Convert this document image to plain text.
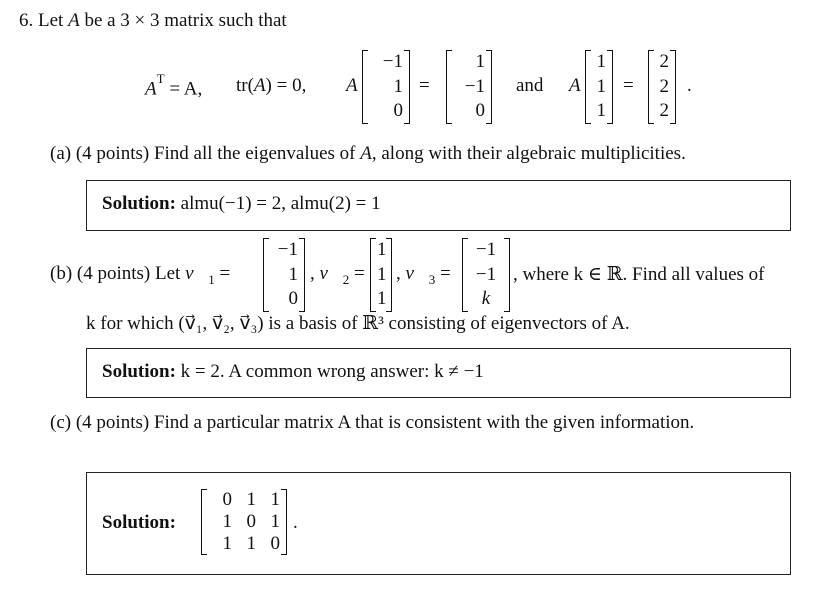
6. Let A be a 3 × 3 matrix such that
$A^T = A$, tr(A) = 0, A
−1
1
0
=
1
−1
0
and A
1
1
1
=
2
2
2
.
(a) (4 points) Find all the eigenvalues of A, along with their algebraic multiplicities.
Solution: almu(−1) = 2, almu(2) = 1
(b) (4 points) Let $v⃗_1$ =
−1
1
0
, $v⃗_2$ =
1
1
1
, $v⃗_3$ =
−1
−1
k
, where k ∈ ℝ. Find all values of
k for which (v⃗₁, v⃗₂, v⃗₃) is a basis of ℝ³ consisting of eigenvectors of A.
Solution: k = 2. A common wrong answer: k ≠ −1
(c) (4 points) Find a particular matrix A that is consistent with the given information.
Solution:
0 1 1
1 0 1
1 1 0
.
